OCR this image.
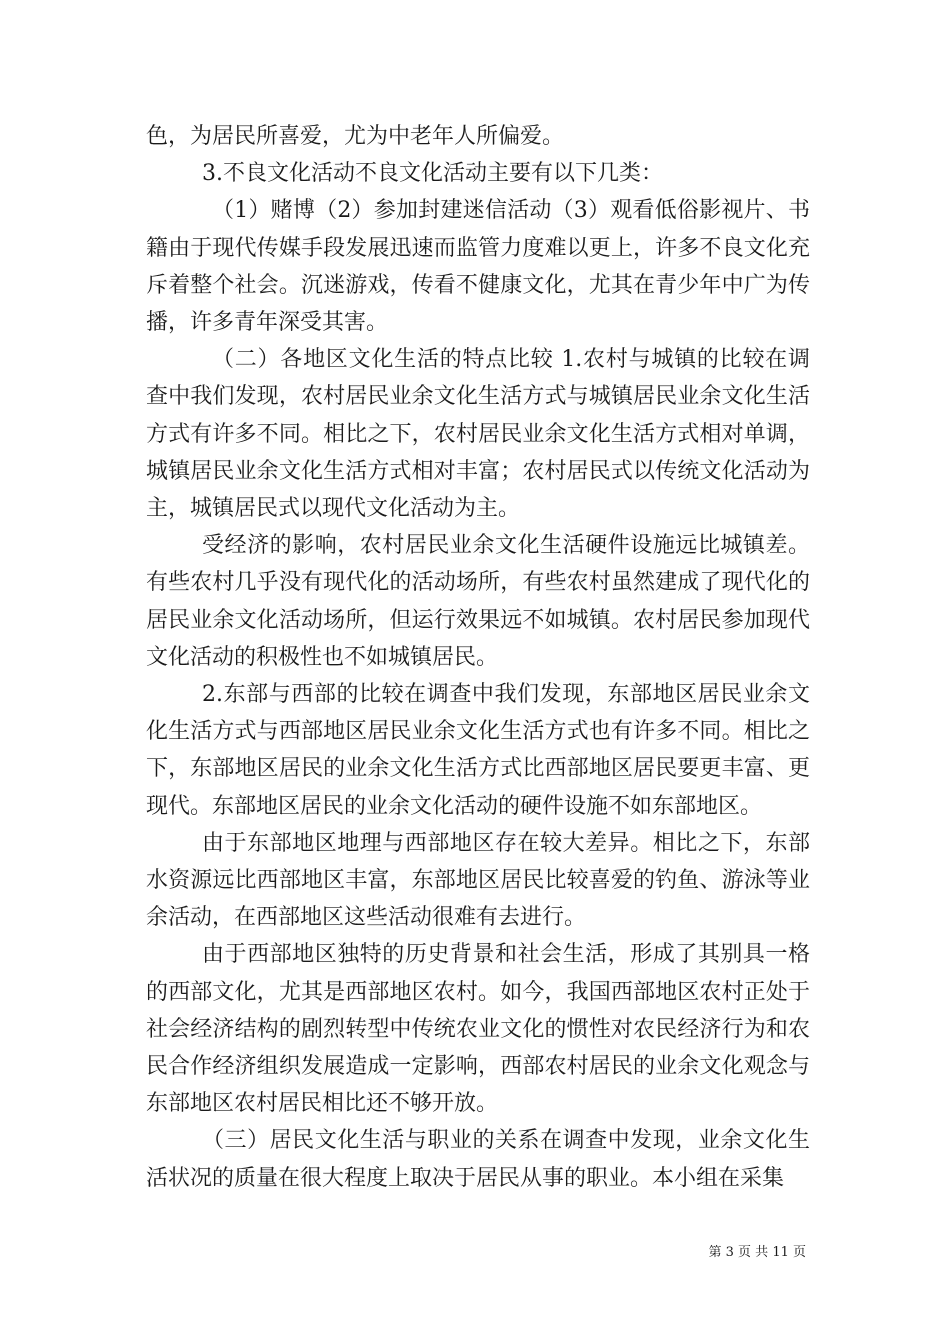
色，为居民所喜爱，尤为中老年人所偏爱。

3.不良文化活动不良文化活动主要有以下几类：

（1）赌博（2）参加封建迷信活动（3）观看低俗影视片、书籍由于现代传媒手段发展迅速而监管力度难以更上，许多不良文化充斥着整个社会。沉迷游戏，传看不健康文化，尤其在青少年中广为传播，许多青年深受其害。

（二）各地区文化生活的特点比较 1.农村与城镇的比较在调查中我们发现，农村居民业余文化生活方式与城镇居民业余文化生活方式有许多不同。相比之下，农村居民业余文化生活方式相对单调，城镇居民业余文化生活方式相对丰富；农村居民式以传统文化活动为主，城镇居民式以现代文化活动为主。

受经济的影响，农村居民业余文化生活硬件设施远比城镇差。有些农村几乎没有现代化的活动场所，有些农村虽然建成了现代化的居民业余文化活动场所，但运行效果远不如城镇。农村居民参加现代文化活动的积极性也不如城镇居民。

2.东部与西部的比较在调查中我们发现，东部地区居民业余文化生活方式与西部地区居民业余文化生活方式也有许多不同。相比之下，东部地区居民的业余文化生活方式比西部地区居民要更丰富、更现代。东部地区居民的业余文化活动的硬件设施不如东部地区。

由于东部地区地理与西部地区存在较大差异。相比之下，东部水资源远比西部地区丰富，东部地区居民比较喜爱的钓鱼、游泳等业余活动，在西部地区这些活动很难有去进行。

由于西部地区独特的历史背景和社会生活，形成了其别具一格的西部文化，尤其是西部地区农村。如今，我国西部地区农村正处于社会经济结构的剧烈转型中传统农业文化的惯性对农民经济行为和农民合作经济组织发展造成一定影响，西部农村居民的业余文化观念与东部地区农村居民相比还不够开放。

（三）居民文化生活与职业的关系在调查中发现，业余文化生活状况的质量在很大程度上取决于居民从事的职业。本小组在采集

第 3 页 共 11 页
